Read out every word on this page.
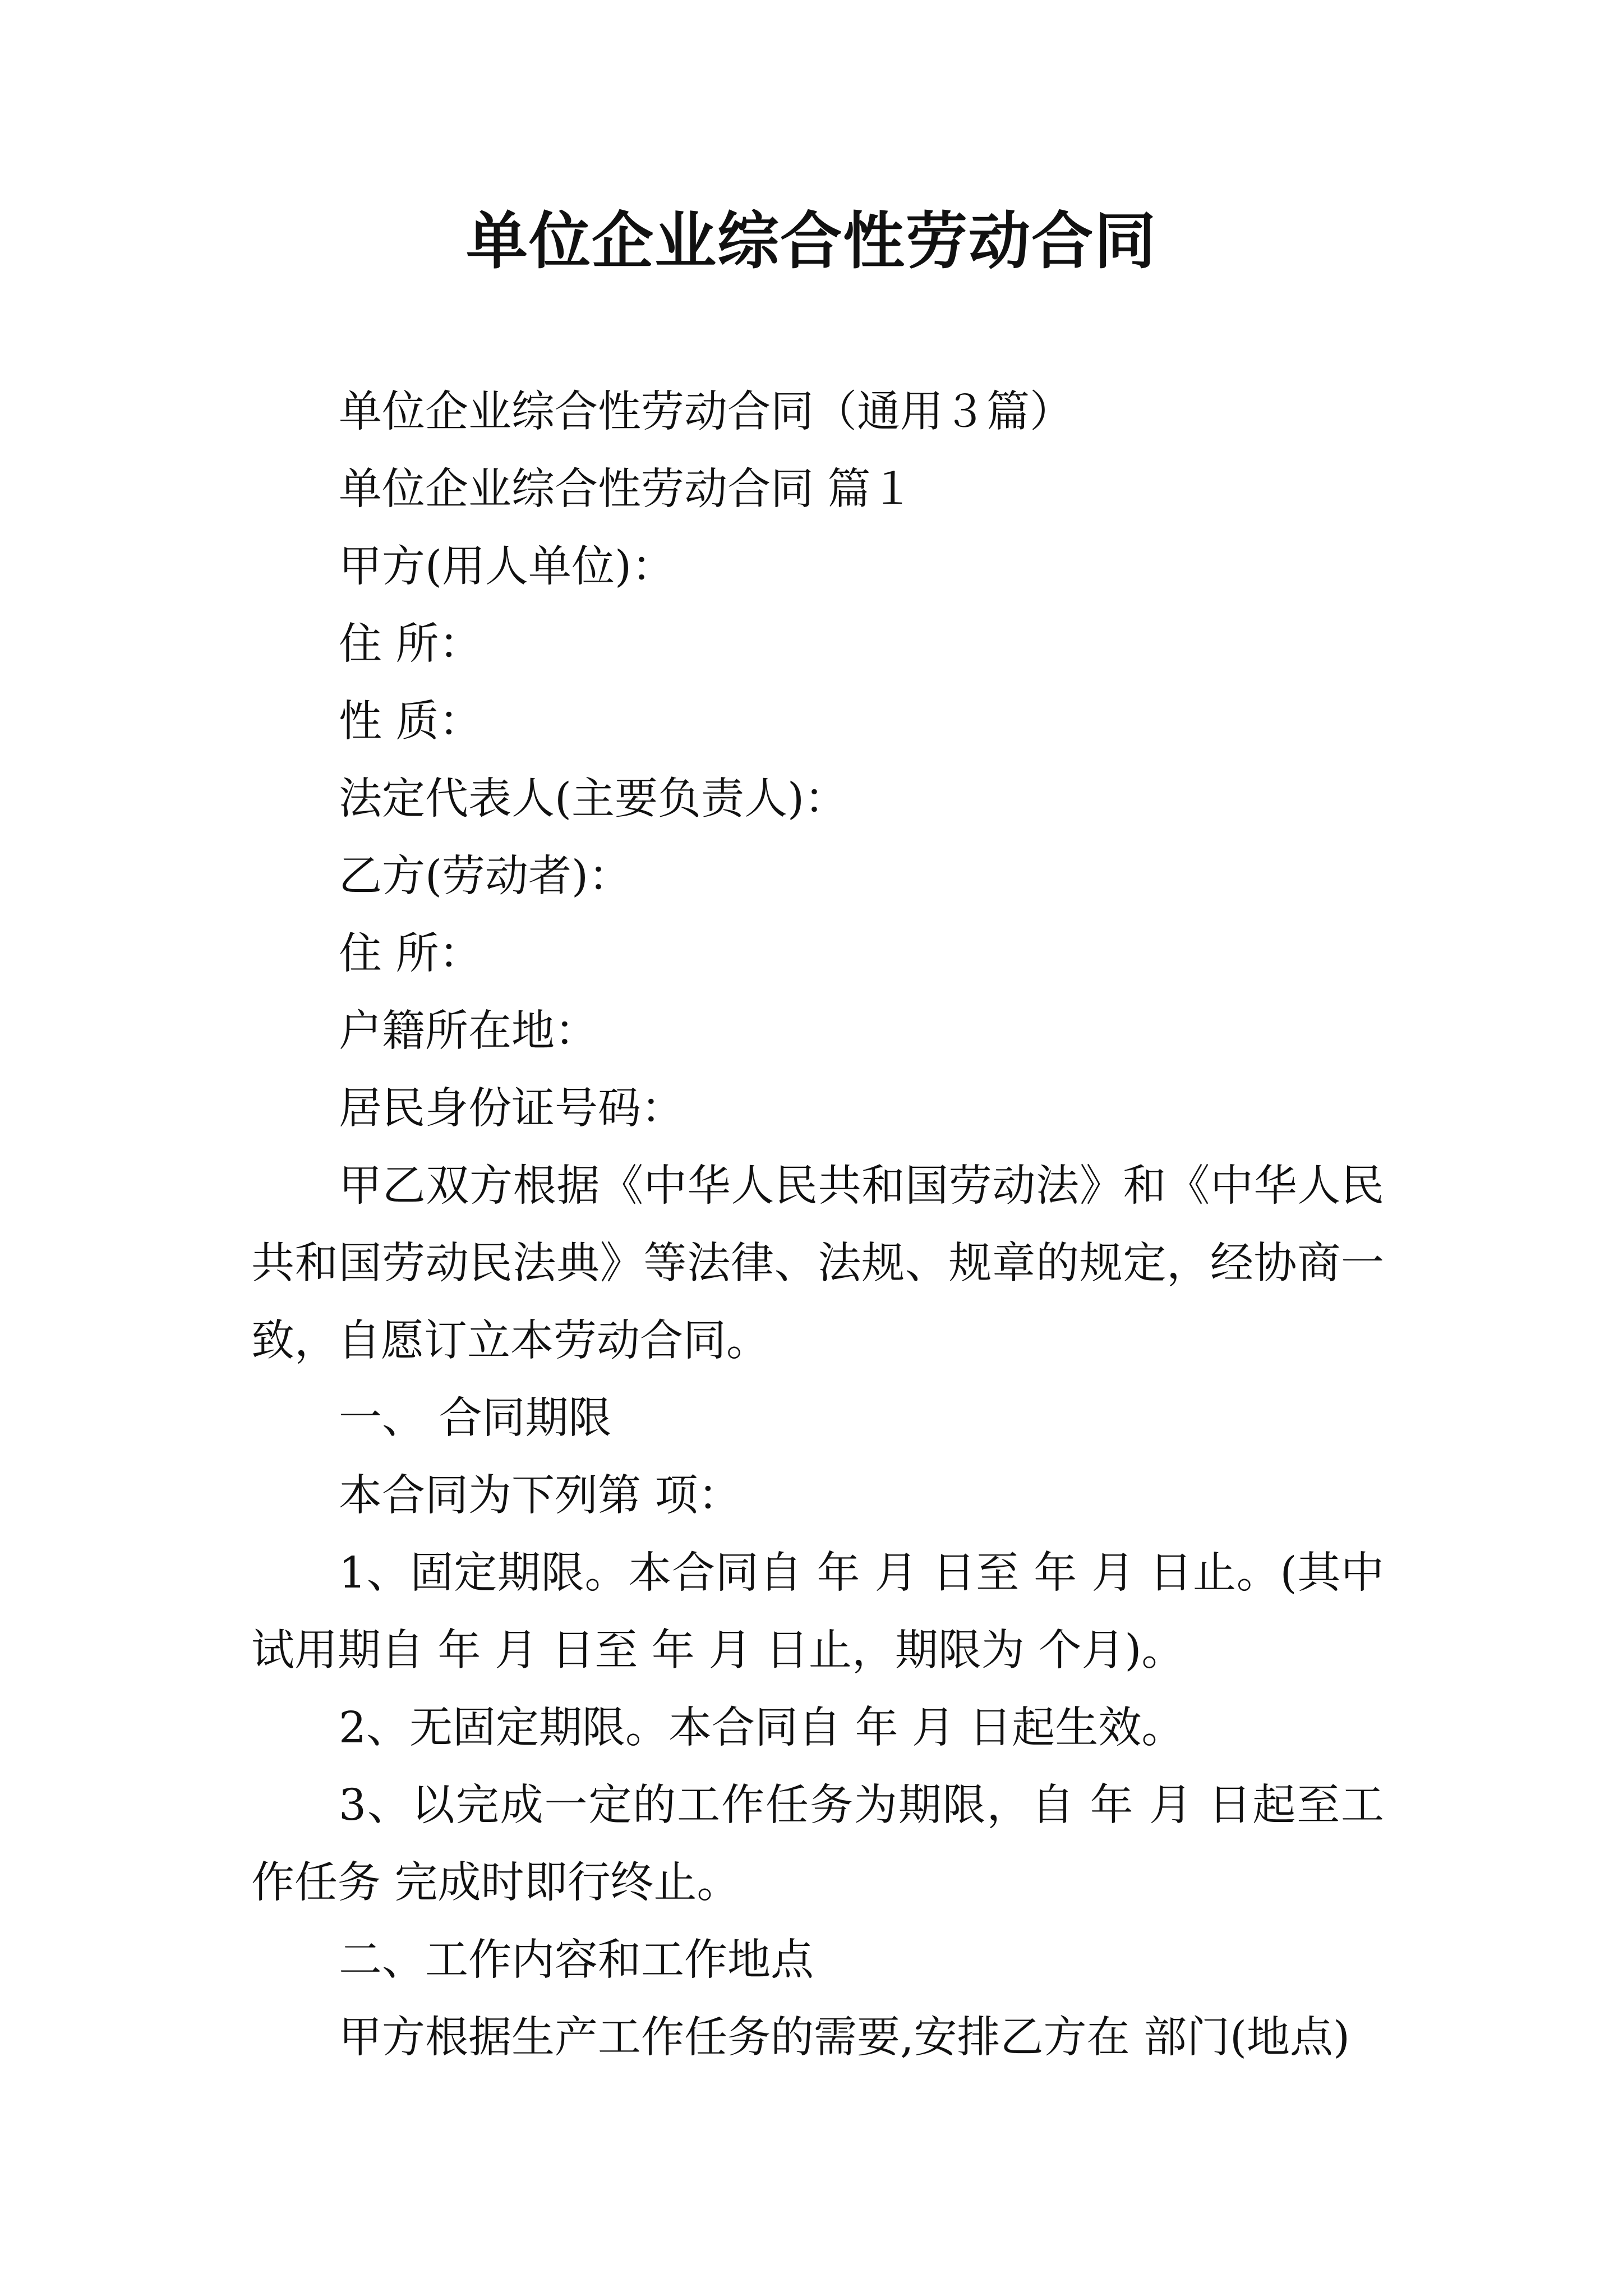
单位企业综合性劳动合同

单位企业综合性劳动合同（通用３篇）

单位企业综合性劳动合同 篇１

甲方(用人单位)：

住 所：

性 质：

法定代表人(主要负责人)：

乙方(劳动者)：

住 所：

户籍所在地：

居民身份证号码：

甲乙双方根据《中华人民共和国劳动法》和《中华人民共和国劳动民法典》等法律、法规、规章的规定，经协商一致，自愿订立本劳动合同。

一、 合同期限

本合同为下列第 项：

1、固定期限。本合同自 年 月 日至 年 月 日止。(其中试用期自 年 月 日至 年 月 日止，期限为 个月)。

2、无固定期限。本合同自 年 月 日起生效。

3、以完成一定的工作任务为期限，自 年 月 日起至工作任务 完成时即行终止。

二、工作内容和工作地点

甲方根据生产工作任务的需要,安排乙方在 部门(地点)
